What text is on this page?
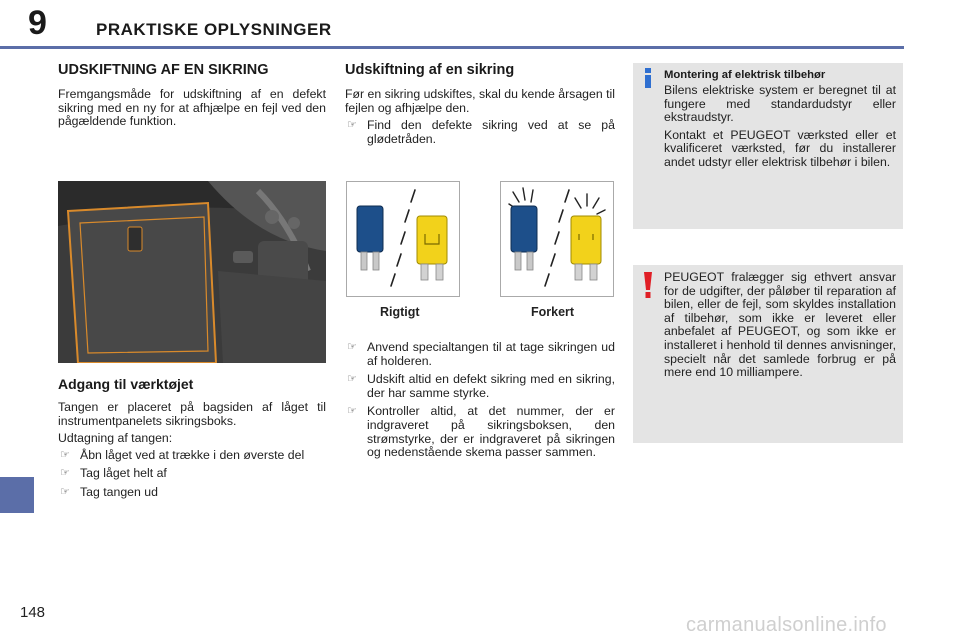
9	PRAKTISKE OPLYSNINGER
UDSKIFTNING AF EN SIKRING

Fremgangsmåde for udskiftning af en defekt sikring med en ny for at afhjælpe en fejl ved den pågældende funktion.

Adgang til værktøjet

Tangen er placeret på bagsiden af låget til instrumentpanelets sikringsboks.

Udtagning af tangen:

☞ Åbn låget ved at trække i den øverste del
☞ Tag låget helt af
☞ Tag tangen ud
Udskiftning af en sikring

Før en sikring udskiftes, skal du kende årsagen til fejlen og afhjælpe den.

☞ Find den defekte sikring ved at se på glødetråden.
Rigtigt	Forkert
☞ Anvend specialtangen til at tage sikringen ud af holderen.
☞ Udskift altid en defekt sikring med en sikring, der har samme styrke.
☞ Kontroller altid, at det nummer, der er indgraveret på sikringsboksen, den strømstyrke, der er indgraveret på sikringen og nedenstående skema passer sammen.
Montering af elektrisk tilbehør

Bilens elektriske system er beregnet til at fungere med standardudstyr eller ekstraudstyr.

Kontakt et PEUGEOT værksted eller et kvalificeret værksted, før du installerer andet udstyr eller elektrisk tilbehør i bilen.

PEUGEOT fralægger sig ethvert ansvar for de udgifter, der påløber til reparation af bilen, eller de fejl, som skyldes installation af tilbehør, som ikke er leveret eller anbefalet af PEUGEOT, og som ikke er installeret i henhold til dennes anvisninger, specielt når det samlede forbrug er på mere end 10 milliampere.

148
carmanualsonline.info
